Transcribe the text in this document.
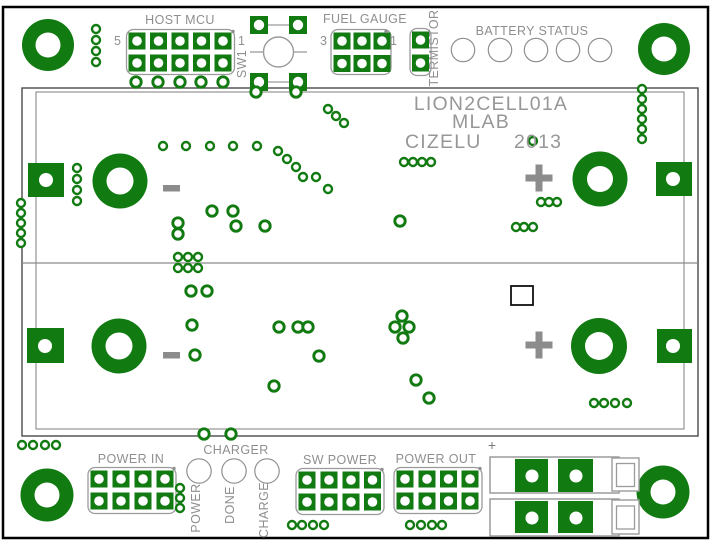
HOST MCU
5	1
SW1
FUEL GAUGE
3	1 TERMISTOR	BATTERY STATUS
LION2CELL01A
MLAB
CIZELU 2013
POWER IN
CHARGER
POWER DONE CHARGE
SW POWER POWER OUT
+
